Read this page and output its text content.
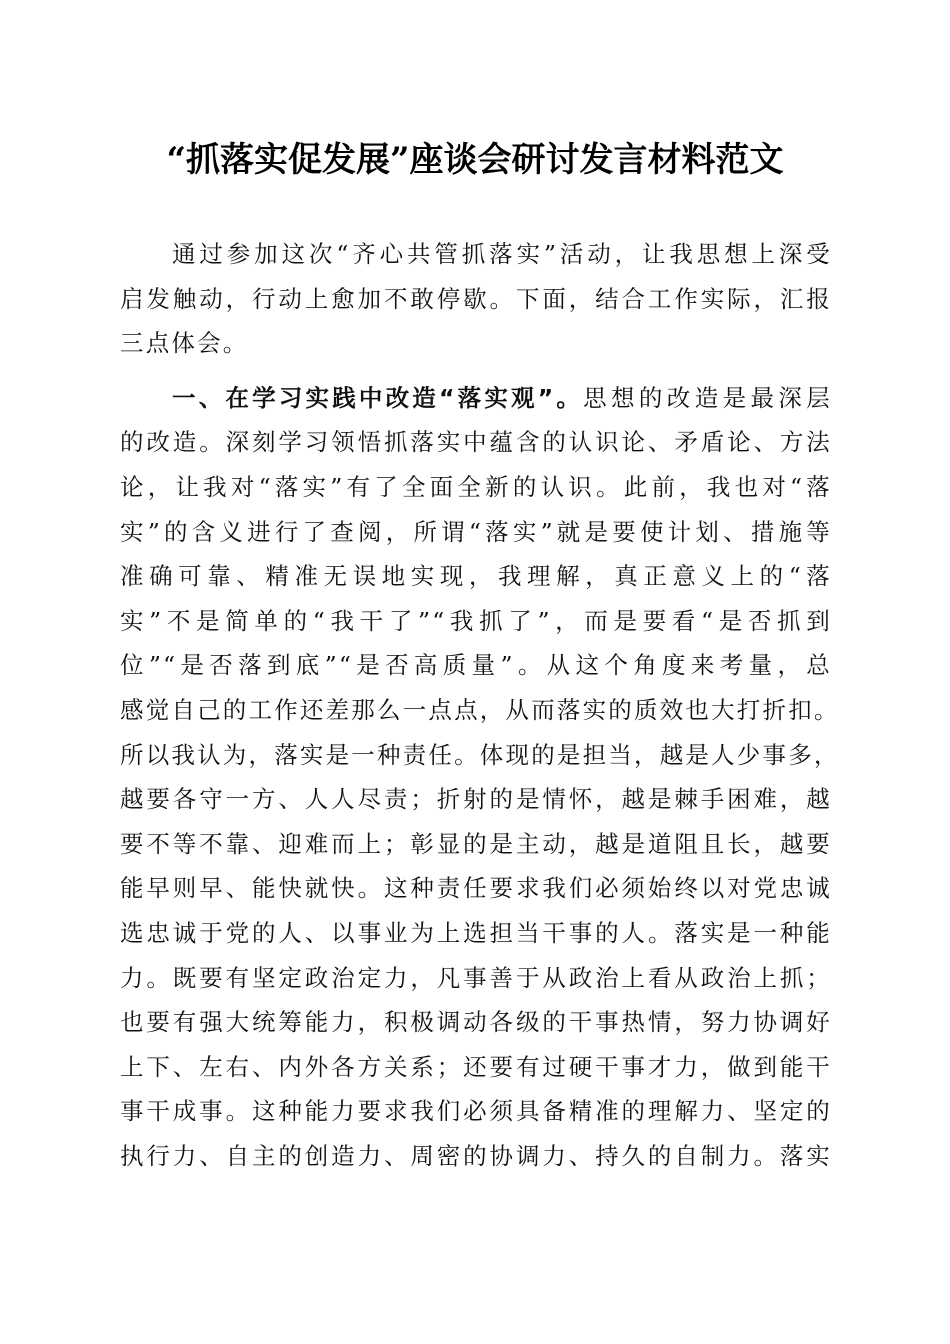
“抓落实促发展”座谈会研讨发言材料范文
通过参加这次“齐心共管抓落实”活动，让我思想上深受
启发触动，行动上愈加不敢停歇。下面，结合工作实际，汇报
三点体会。
一、在学习实践中改造“落实观”。思想的改造是最深层
的改造。深刻学习领悟抓落实中蕴含的认识论、矛盾论、方法
论，让我对“落实”有了全面全新的认识。此前，我也对“落
实”的含义进行了查阅，所谓“落实”就是要使计划、措施等
准确可靠、精准无误地实现，我理解，真正意义上的“落
实”不是简单的“我干了”“我抓了”，而是要看“是否抓到
位”“是否落到底”“是否高质量”。从这个角度来考量，总
感觉自己的工作还差那么一点点，从而落实的质效也大打折扣。
所以我认为，落实是一种责任。体现的是担当，越是人少事多，
越要各守一方、人人尽责；折射的是情怀，越是棘手困难，越
要不等不靠、迎难而上；彰显的是主动，越是道阻且长，越要
能早则早、能快就快。这种责任要求我们必须始终以对党忠诚
选忠诚于党的人、以事业为上选担当干事的人。落实是一种能
力。既要有坚定政治定力，凡事善于从政治上看从政治上抓；
也要有强大统筹能力，积极调动各级的干事热情，努力协调好
上下、左右、内外各方关系；还要有过硬干事才力，做到能干
事干成事。这种能力要求我们必须具备精准的理解力、坚定的
执行力、自主的创造力、周密的协调力、持久的自制力。落实
